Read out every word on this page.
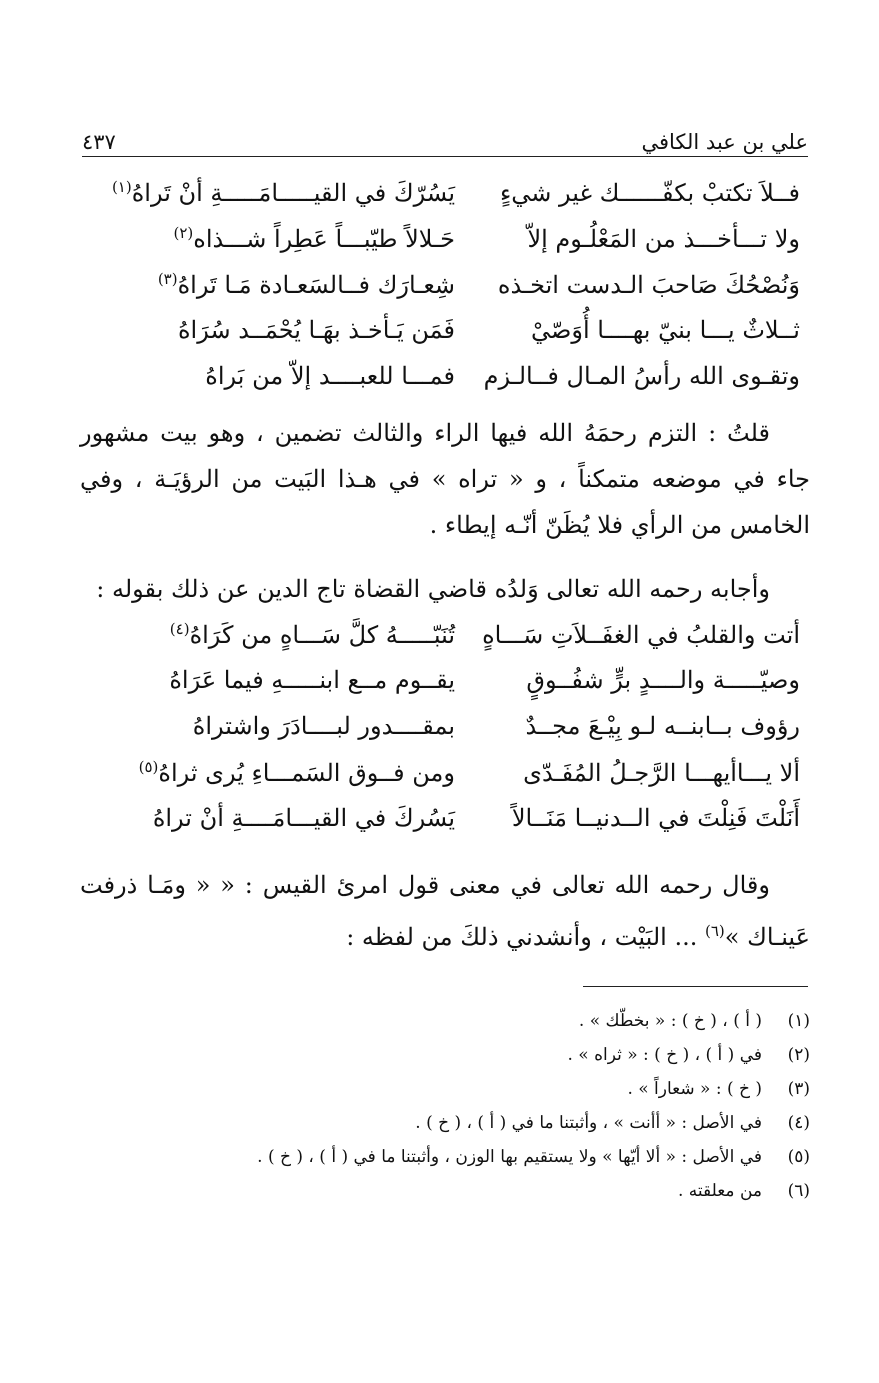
علي بن عبد الكافي
٤٣٧
فــلاَ تكتبْ بكفّــــــك غير شيءٍ
يَسُرّكَ في القيـــــامَـــــةِ أنْ تَراهُ$^{(١)}$
ولا تـــأخـــذ من المَعْلُـوم إلاّ
حَـلالاً طيّبـــاً عَطِراً شـــذاه$^{(٢)}$
وَنُصْحُكَ صَاحبَ الـدست اتخـذه
شِعـارَك فــالسَعـادة مَـا تَراهُ$^{(٣)}$
ثــلاثٌ يـــا بنيّ بهــــا أُوَصّيْ
فَمَن يَـأخـذ بهَـا يُحْمَــد سُرَاهُ
وتقـوى الله رأسُ المـال فــالـزم
فمـــا للعبــــد إلاّ من بَراهُ

قلتُ : التزم رحمَهُ الله فيها الراء والثالث تضمين ، وهو بيت مشهور جاء في موضعه متمكناً ، و « تراه » في هـذا البَيت من الرؤيَـة ، وفي الخامس من الرأي فلا يُظَنّ أنّـه إيطاء .

وأجابه رحمه الله تعالى وَلدُه قاضي القضاة تاج الدين عن ذلك بقوله :

أتت والقلبُ في الغفَــلاَتِ سَـــاهٍ
تُنَبّـــــهُ كلَّ سَـــاهٍ من كَرَاهُ$^{(٤)}$
وصيّـــــة والــــدٍ برٍّ شفُــوقٍ
يقــوم مــع ابنـــــهِ فيما عَرَاهُ
رؤوف بــابنــه لـو بِيْـعَ مجــدٌ
بمقــــدور لبــــادَرَ واشتراهُ
ألا يـــاأيهـــا الرَّجـلُ المُفَـدّى
ومن فــوق السَمـــاءِ يُرى ثراهُ$^{(٥)}$
أَنَلْتَ فَنِلْتَ في الــدنيــا مَنَــالاً
يَسُركَ في القيـــامَــــةِ أنْ تراهُ

وقال رحمه الله تعالى في معنى قول امرئ القيس : « « ومَـا ذرفت عَينـاك »$^{(٦)}$ ... البَيْت ، وأنشدني ذلكَ من لفظه :

(١)
( أ ) ، ( خ ) : « بخطّك » .
(٢)
في ( أ ) ، ( خ ) : « ثراه » .
(٣)
( خ ) : « شعاراً » .
(٤)
في الأصل : « أأنت » ، وأثبتنا ما في ( أ ) ، ( خ ) .
(٥)
في الأصل : « ألا أيّها » ولا يستقيم بها الوزن ، وأثبتنا ما في ( أ ) ، ( خ ) .
(٦)
من معلقته .
